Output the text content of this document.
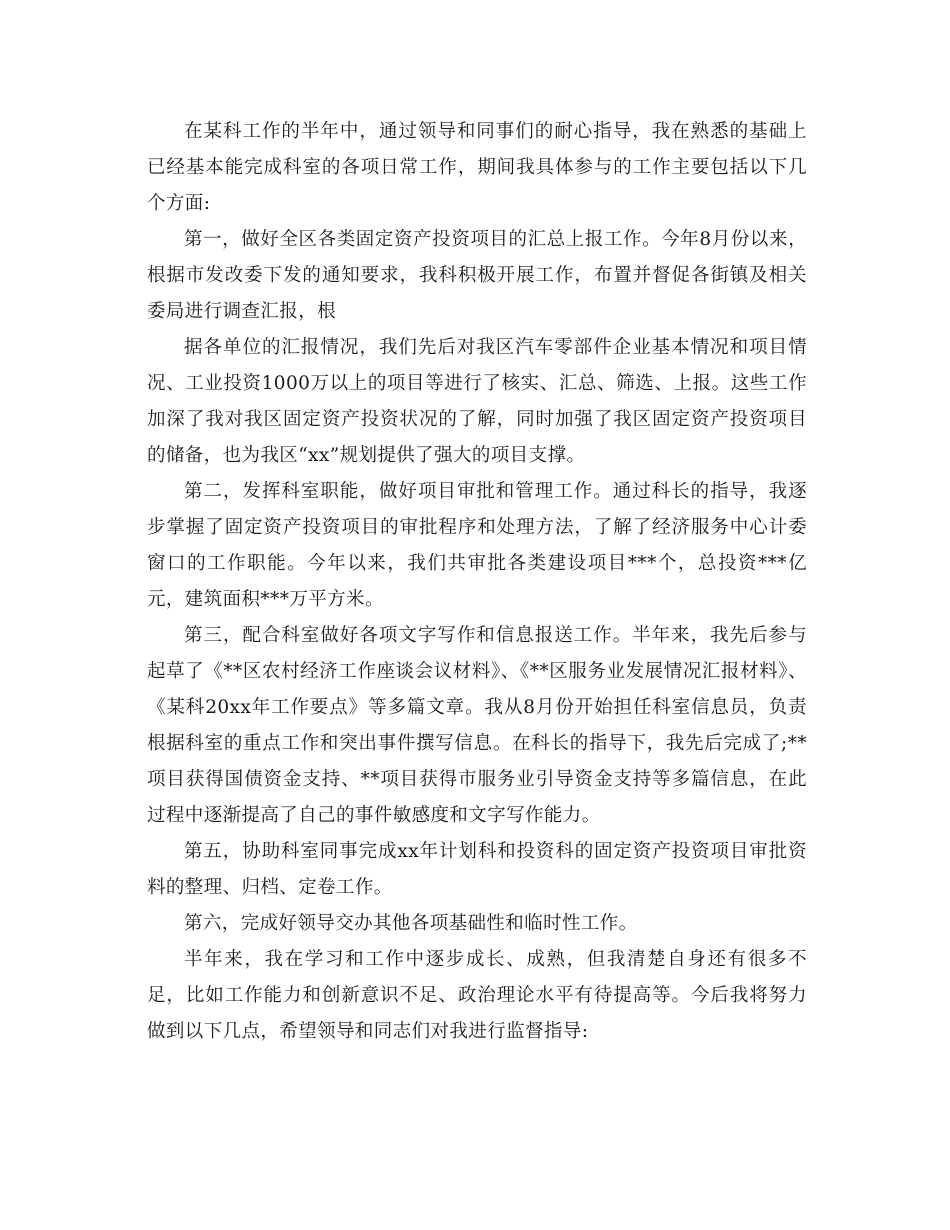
在某科工作的半年中，通过领导和同事们的耐心指导，我在熟悉的基础上已经基本能完成科室的各项日常工作，期间我具体参与的工作主要包括以下几个方面:

第一，做好全区各类固定资产投资项目的汇总上报工作。今年8月份以来，根据市发改委下发的通知要求，我科积极开展工作，布置并督促各街镇及相关委局进行调查汇报，根

据各单位的汇报情况，我们先后对我区汽车零部件企业基本情况和项目情况、工业投资1000万以上的项目等进行了核实、汇总、筛选、上报。这些工作加深了我对我区固定资产投资状况的了解，同时加强了我区固定资产投资项目的储备，也为我区“xx”规划提供了强大的项目支撑。

第二，发挥科室职能，做好项目审批和管理工作。通过科长的指导，我逐步掌握了固定资产投资项目的审批程序和处理方法，了解了经济服务中心计委窗口的工作职能。今年以来，我们共审批各类建设项目***个，总投资***亿元，建筑面积***万平方米。

第三，配合科室做好各项文字写作和信息报送工作。半年来，我先后参与起草了《**区农村经济工作座谈会议材料》、《**区服务业发展情况汇报材料》、《某科20xx年工作要点》等多篇文章。我从8月份开始担任科室信息员，负责根据科室的重点工作和突出事件撰写信息。在科长的指导下，我先后完成了;**项目获得国债资金支持、**项目获得市服务业引导资金支持等多篇信息，在此过程中逐渐提高了自己的事件敏感度和文字写作能力。

第五，协助科室同事完成xx年计划科和投资科的固定资产投资项目审批资料的整理、归档、定卷工作。

第六，完成好领导交办其他各项基础性和临时性工作。

半年来，我在学习和工作中逐步成长、成熟，但我清楚自身还有很多不足，比如工作能力和创新意识不足、政治理论水平有待提高等。今后我将努力做到以下几点，希望领导和同志们对我进行监督指导:
